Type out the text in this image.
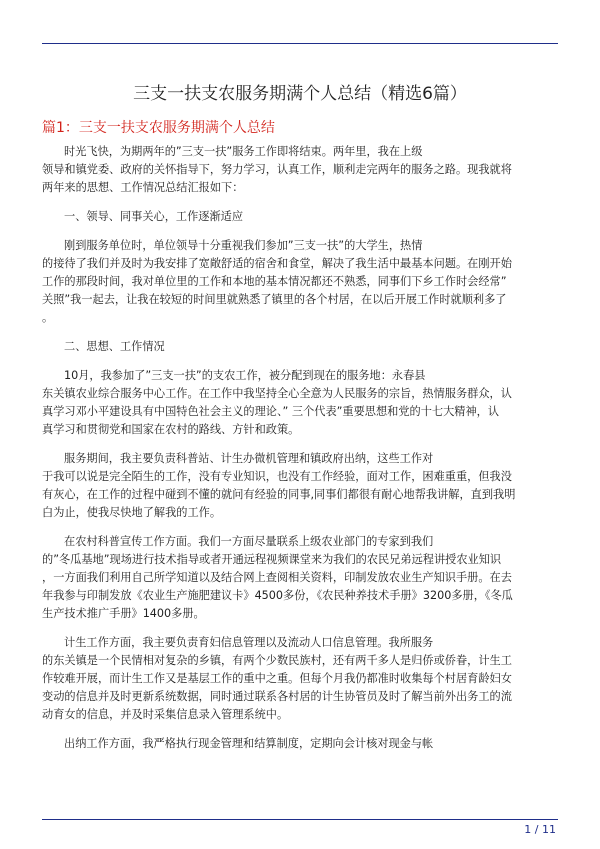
三支一扶支农服务期满个人总结（精选6篇）
篇1：三支一扶支农服务期满个人总结
时光飞快，为期两年的”三支一扶”服务工作即将结束。两年里，我在上级
领导和镇党委、政府的关怀指导下，努力学习，认真工作，顺利走完两年的服务之路。现我就将
两年来的思想、工作情况总结汇报如下：
一、领导、同事关心，工作逐渐适应
刚到服务单位时，单位领导十分重视我们参加”三支一扶”的大学生，热情
的接待了我们并及时为我安排了宽敞舒适的宿舍和食堂，解决了我生活中最基本问题。在刚开始
工作的那段时间，我对单位里的工作和本地的基本情况都还不熟悉，同事们下乡工作时会经常”
关照”我一起去，让我在较短的时间里就熟悉了镇里的各个村居，在以后开展工作时就顺利多了
。
二、思想、工作情况
10月，我参加了”三支一扶”的支农工作，被分配到现在的服务地：永春县
东关镇农业综合服务中心工作。在工作中我坚持全心全意为人民服务的宗旨，热情服务群众，认
真学习邓小平建设具有中国特色社会主义的理论、” 三个代表”重要思想和党的十七大精神，认
真学习和贯彻党和国家在农村的路线、方针和政策。
服务期间，我主要负责科普站、计生办微机管理和镇政府出纳，这些工作对
于我可以说是完全陌生的工作，没有专业知识，也没有工作经验，面对工作，困难重重，但我没
有灰心，在工作的过程中碰到不懂的就问有经验的同事,同事们都很有耐心地帮我讲解，直到我明
白为止，使我尽快地了解我的工作。
在农村科普宣传工作方面。我们一方面尽量联系上级农业部门的专家到我们
的”冬瓜基地”现场进行技术指导或者开通远程视频课堂来为我们的农民兄弟远程讲授农业知识
，一方面我们利用自己所学知道以及结合网上查阅相关资料，印制发放农业生产知识手册。在去
年我参与印制发放《农业生产施肥建议卡》4500多份，《农民种养技术手册》3200多册，《冬瓜
生产技术推广手册》1400多册。
计生工作方面，我主要负责育妇信息管理以及流动人口信息管理。我所服务
的东关镇是一个民情相对复杂的乡镇，有两个少数民族村，还有两千多人是归侨或侨眷，计生工
作较难开展，而计生工作又是基层工作的重中之重。但每个月我仍都准时收集每个村居育龄妇女
变动的信息并及时更新系统数据，同时通过联系各村居的计生协管员及时了解当前外出务工的流
动育女的信息，并及时采集信息录入管理系统中。
出纳工作方面，我严格执行现金管理和结算制度，定期向会计核对现金与帐
1 / 11
